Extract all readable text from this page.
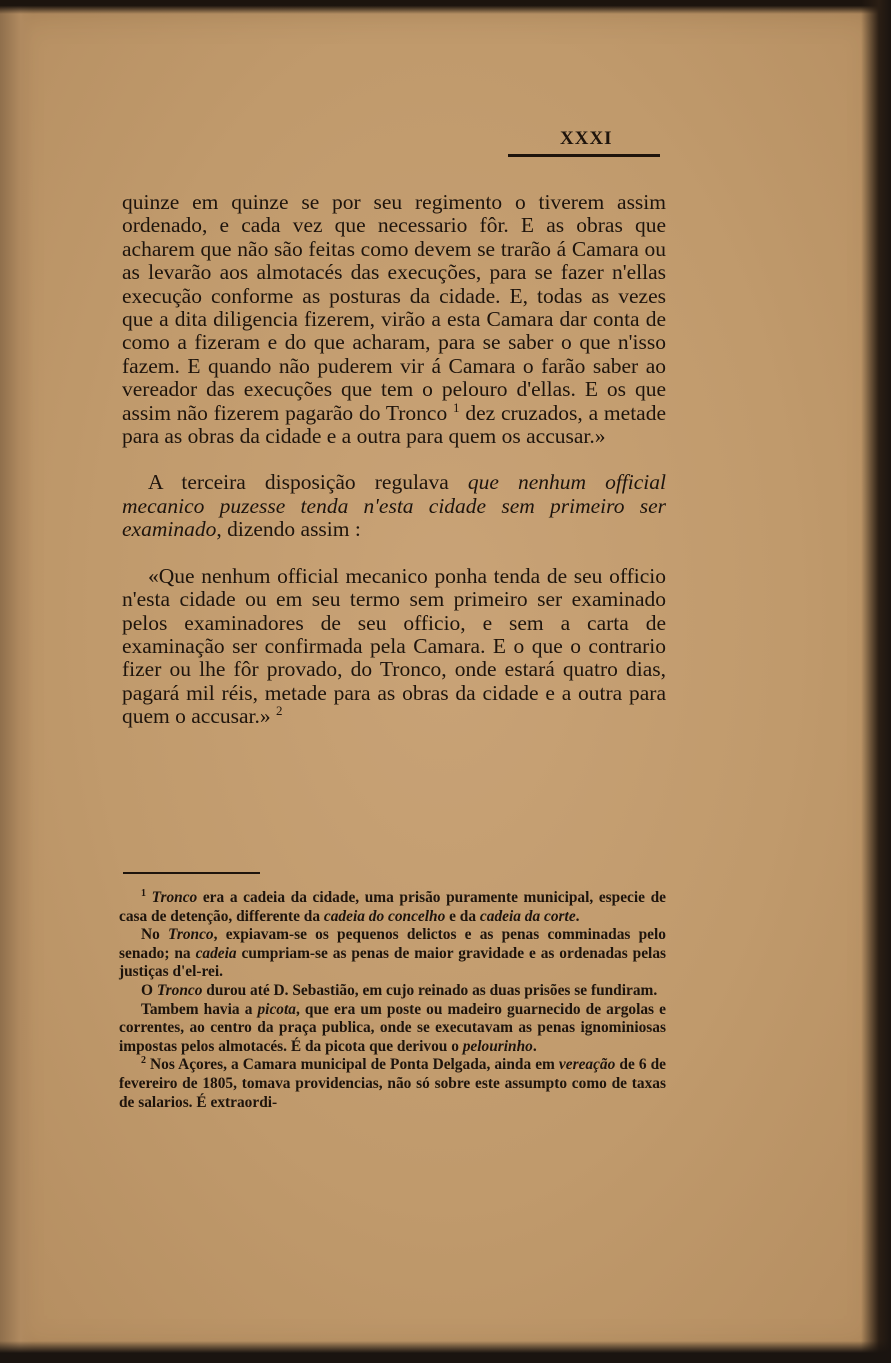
XXXI

quinze em quinze se por seu regimento o tiverem assim ordenado, e cada vez que necessario fôr. E as obras que acharem que não são feitas como devem se trarão á Camara ou as levarão aos almotacés das execuções, para se fazer n'ellas execução conforme as posturas da cidade. E, todas as vezes que a dita diligencia fizerem, virão a esta Camara dar conta de como a fizeram e do que acharam, para se saber o que n'isso fazem. E quando não puderem vir á Camara o farão saber ao vereador das execuções que tem o pelouro d'ellas. E os que assim não fizerem pagarão do Tronco $^1$ dez cruzados, a metade para as obras da cidade e a outra para quem os accusar.»

A terceira disposição regulava que nenhum official mecanico puzesse tenda n'esta cidade sem primeiro ser examinado, dizendo assim :

«Que nenhum official mecanico ponha tenda de seu officio n'esta cidade ou em seu termo sem primeiro ser examinado pelos examinadores de seu officio, e sem a carta de examinação ser confirmada pela Camara. E o que o contrario fizer ou lhe fôr provado, do Tronco, onde estará quatro dias, pagará mil réis, metade para as obras da cidade e a outra para quem o accusar.» $^2$

$^1$ Tronco era a cadeia da cidade, uma prisão puramente municipal, especie de casa de detenção, differente da cadeia do concelho e da cadeia da corte.

No Tronco, expiavam-se os pequenos delictos e as penas comminadas pelo senado; na cadeia cumpriam-se as penas de maior gravidade e as ordenadas pelas justiças d'el-rei.

O Tronco durou até D. Sebastião, em cujo reinado as duas prisões se fundiram.

Tambem havia a picota, que era um poste ou madeiro guarnecido de argolas e correntes, ao centro da praça publica, onde se executavam as penas ignominiosas impostas pelos almotacés. É da picota que derivou o pelourinho.

$^2$ Nos Açores, a Camara municipal de Ponta Delgada, ainda em vereação de 6 de fevereiro de 1805, tomava providencias, não só sobre este assumpto como de taxas de salarios. É extraordi-
